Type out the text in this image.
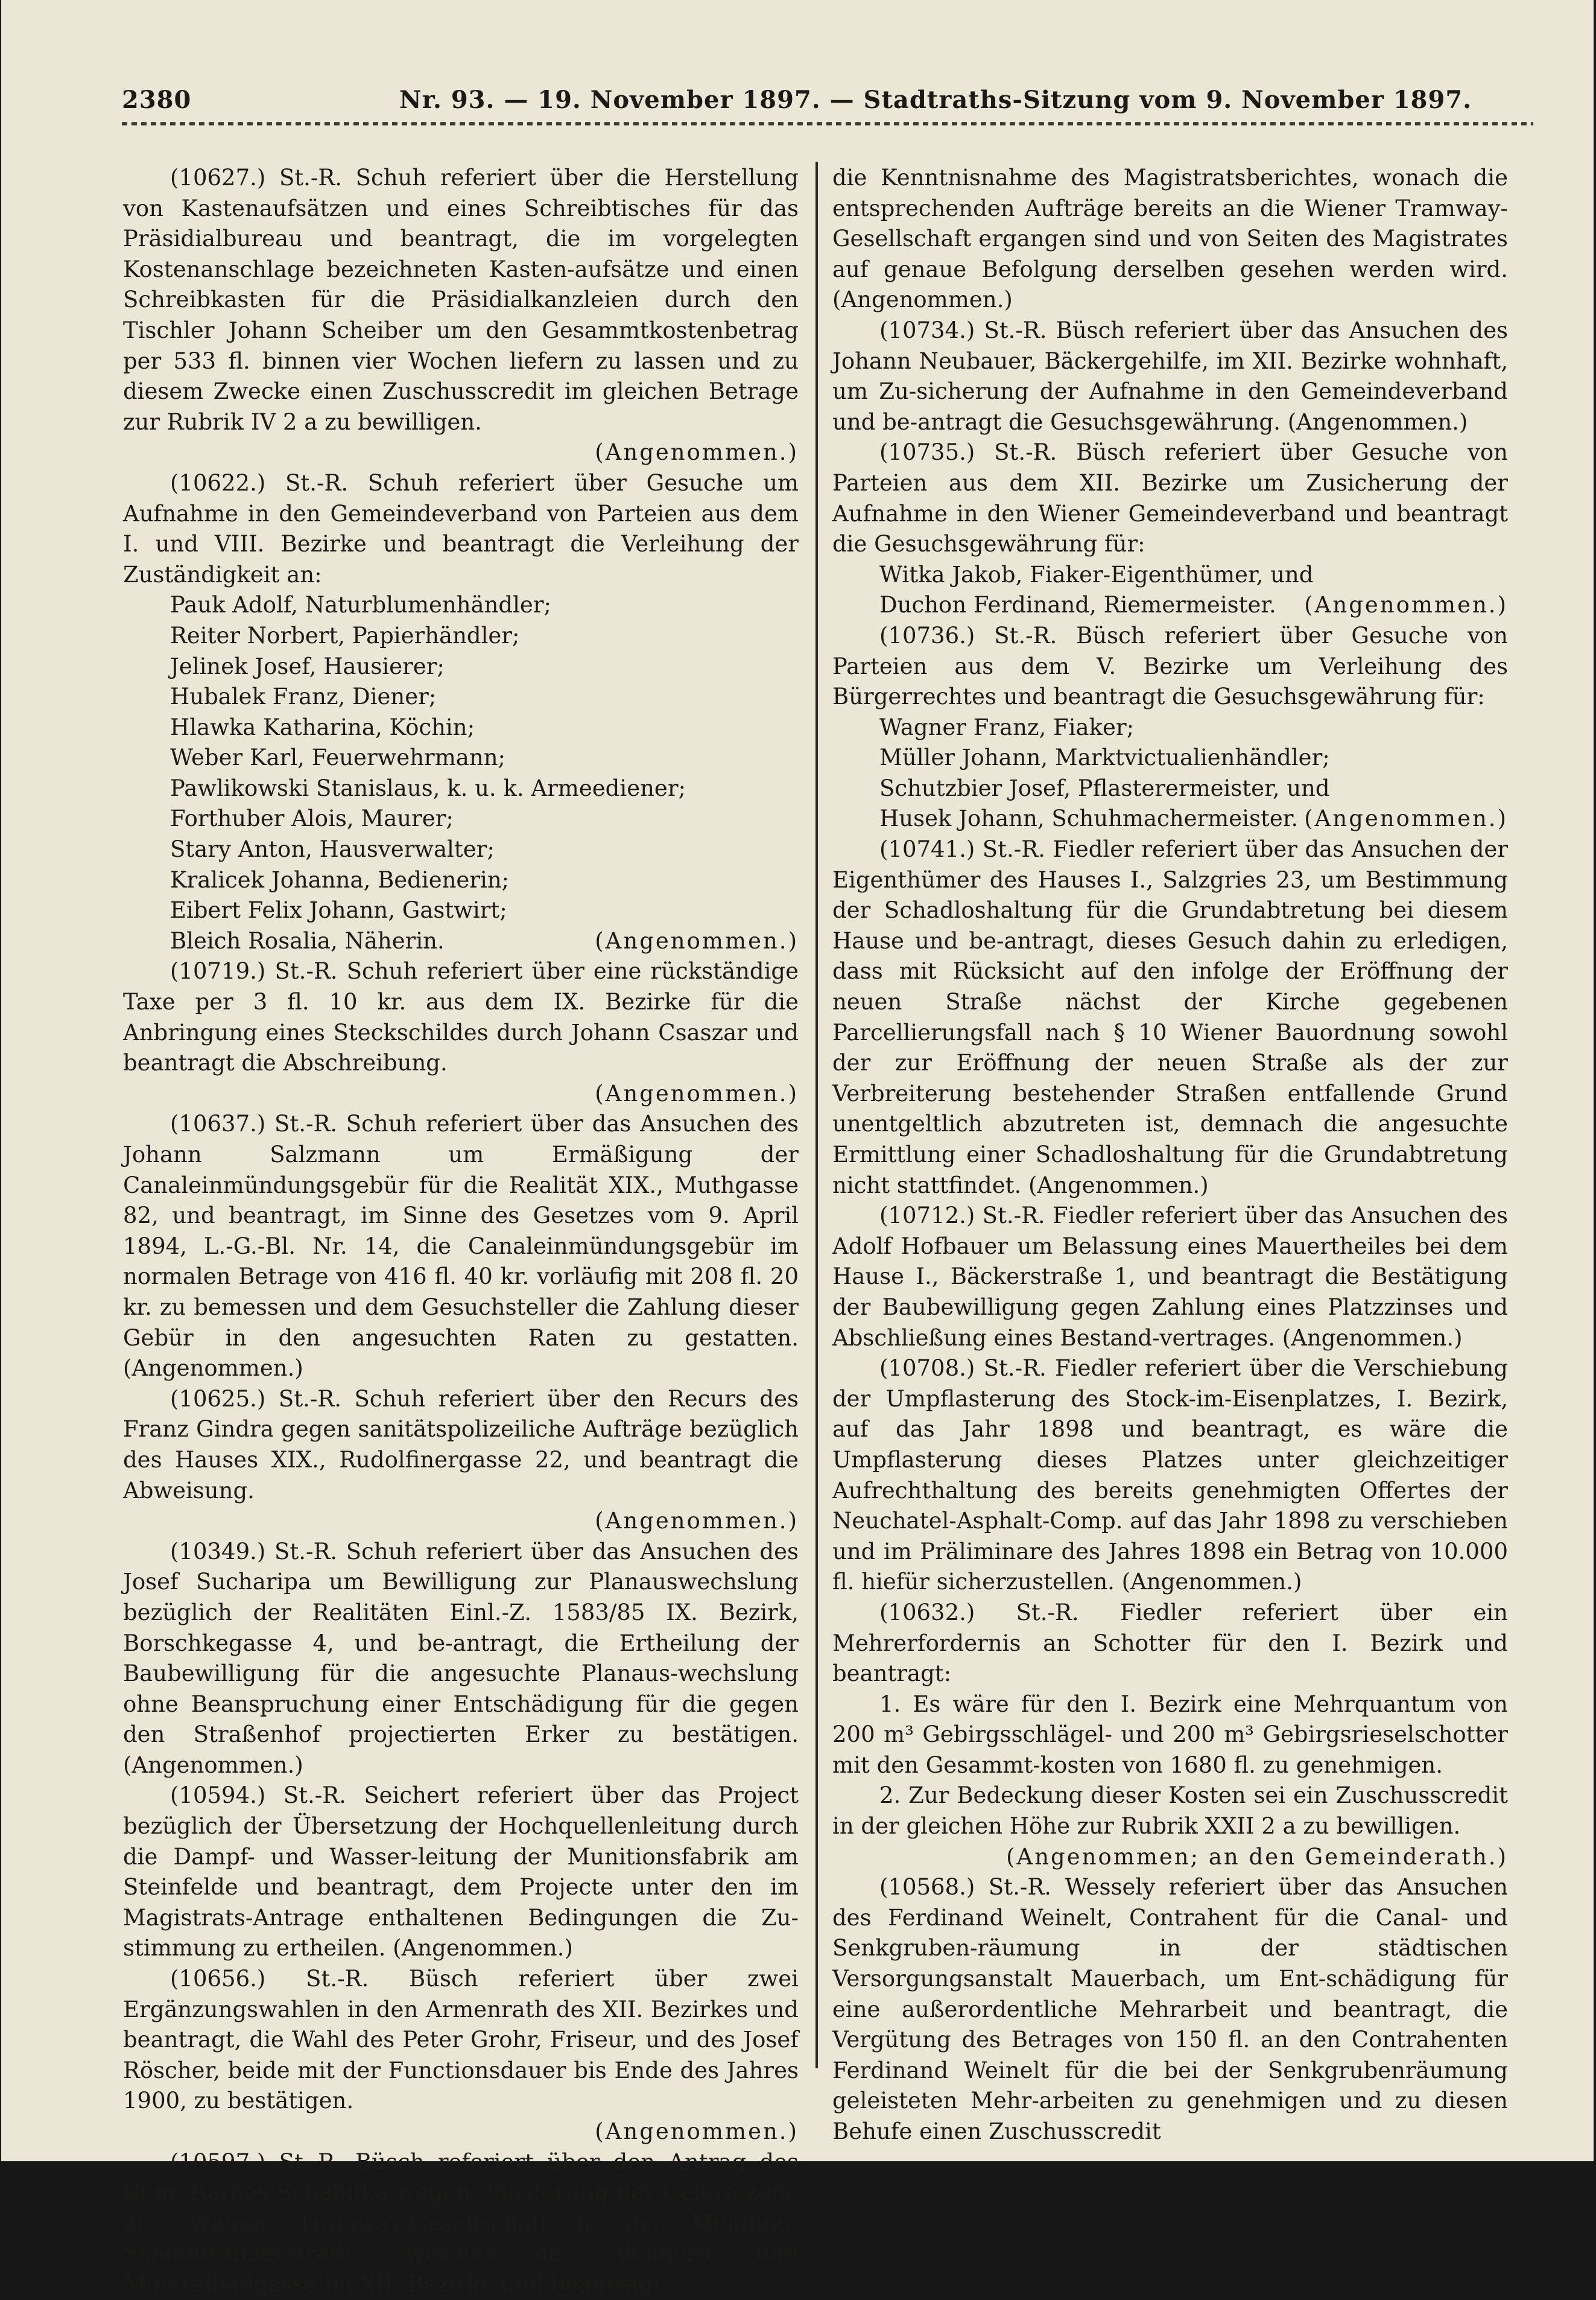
2380	Nr. 93. — 19. November 1897. — Stadtraths-Sitzung vom 9. November 1897.

(10627.) St.-R. Schuh referiert über die Herstellung von Kastenaufsätzen und eines Schreibtisches für das Präsidialbureau und beantragt, die im vorgelegten Kostenanschlage bezeichneten Kasten-aufsätze und einen Schreibkasten für die Präsidialkanzleien durch den Tischler Johann Scheiber um den Gesammtkostenbetrag per 533 fl. binnen vier Wochen liefern zu lassen und zu diesem Zwecke einen Zuschusscredit im gleichen Betrage zur Rubrik IV 2 a zu bewilligen.

(Angenommen.)

(10622.) St.-R. Schuh referiert über Gesuche um Aufnahme in den Gemeindeverband von Parteien aus dem I. und VIII. Bezirke und beantragt die Verleihung der Zuständigkeit an:

Pauk Adolf, Naturblumenhändler;
Reiter Norbert, Papierhändler;
Jelinek Josef, Hausierer;
Hubalek Franz, Diener;
Hlawka Katharina, Köchin;
Weber Karl, Feuerwehrmann;
Pawlikowski Stanislaus, k. u. k. Armeediener;
Forthuber Alois, Maurer;
Stary Anton, Hausverwalter;
Kralicek Johanna, Bedienerin;
Eibert Felix Johann, Gastwirt;
Bleich Rosalia, Näherin.	(Angenommen.)

(10719.) St.-R. Schuh referiert über eine rückständige Taxe per 3 fl. 10 kr. aus dem IX. Bezirke für die Anbringung eines Steckschildes durch Johann Csaszar und beantragt die Abschreibung.

(Angenommen.)

(10637.) St.-R. Schuh referiert über das Ansuchen des Johann Salzmann um Ermäßigung der Canaleinmündungsgebür für die Realität XIX., Muthgasse 82, und beantragt, im Sinne des Gesetzes vom 9. April 1894, L.-G.-Bl. Nr. 14, die Canaleinmündungsgebür im normalen Betrage von 416 fl. 40 kr. vorläufig mit 208 fl. 20 kr. zu bemessen und dem Gesuchsteller die Zahlung dieser Gebür in den angesuchten Raten zu gestatten. (Angenommen.)

(10625.) St.-R. Schuh referiert über den Recurs des Franz Gindra gegen sanitätspolizeiliche Aufträge bezüglich des Hauses XIX., Rudolfinergasse 22, und beantragt die Abweisung.

(Angenommen.)

(10349.) St.-R. Schuh referiert über das Ansuchen des Josef Sucharipa um Bewilligung zur Planauswechslung bezüglich der Realitäten Einl.-Z. 1583/85 IX. Bezirk, Borschkegasse 4, und be-antragt, die Ertheilung der Baubewilligung für die angesuchte Planaus-wechslung ohne Beanspruchung einer Entschädigung für die gegen den Straßenhof projectierten Erker zu bestätigen. (Angenommen.)

(10594.) St.-R. Seichert referiert über das Project bezüglich der Übersetzung der Hochquellenleitung durch die Dampf- und Wasser-leitung der Munitionsfabrik am Steinfelde und beantragt, dem Projecte unter den im Magistrats-Antrage enthaltenen Bedingungen die Zu-stimmung zu ertheilen. (Angenommen.)

(10656.) St.-R. Büsch referiert über zwei Ergänzungswahlen in den Armenrath des XII. Bezirkes und beantragt, die Wahl des Peter Grohr, Friseur, und des Josef Röscher, beide mit der Functionsdauer bis Ende des Jahres 1900, zu bestätigen.

(Angenommen.)

(10597.) St.-R. Büsch referiert über den Antrag des Gem.-Rathes Schebifka wegen Pflasterung der Geleisezone der Wiener Tramway-Gesellschaft in der Meidling-Schönbrunnerstraße zwischen der Aichhorn- und Mineralbadgasse im XII. Bezirke und beantragt

die Kenntnisnahme des Magistratsberichtes, wonach die entsprechenden Aufträge bereits an die Wiener Tramway-Gesellschaft ergangen sind und von Seiten des Magistrates auf genaue Befolgung derselben gesehen werden wird. (Angenommen.)

(10734.) St.-R. Büsch referiert über das Ansuchen des Johann Neubauer, Bäckergehilfe, im XII. Bezirke wohnhaft, um Zu-sicherung der Aufnahme in den Gemeindeverband und be-antragt die Gesuchsgewährung. (Angenommen.)

(10735.) St.-R. Büsch referiert über Gesuche von Parteien aus dem XII. Bezirke um Zusicherung der Aufnahme in den Wiener Gemeindeverband und beantragt die Gesuchsgewährung für:

Witka Jakob, Fiaker-Eigenthümer, und
Duchon Ferdinand, Riemermeister. (Angenommen.)

(10736.) St.-R. Büsch referiert über Gesuche von Parteien aus dem V. Bezirke um Verleihung des Bürgerrechtes und beantragt die Gesuchsgewährung für:

Wagner Franz, Fiaker;
Müller Johann, Marktvictualienhändler;
Schutzbier Josef, Pflasterermeister, und
Husek Johann, Schuhmachermeister. (Angenommen.)

(10741.) St.-R. Fiedler referiert über das Ansuchen der Eigenthümer des Hauses I., Salzgries 23, um Bestimmung der Schadloshaltung für die Grundabtretung bei diesem Hause und be-antragt, dieses Gesuch dahin zu erledigen, dass mit Rücksicht auf den infolge der Eröffnung der neuen Straße nächst der Kirche gegebenen Parcellierungsfall nach § 10 Wiener Bauordnung sowohl der zur Eröffnung der neuen Straße als der zur Verbreiterung bestehender Straßen entfallende Grund unentgeltlich abzutreten ist, demnach die angesuchte Ermittlung einer Schadloshaltung für die Grundabtretung nicht stattfindet. (Angenommen.)

(10712.) St.-R. Fiedler referiert über das Ansuchen des Adolf Hofbauer um Belassung eines Mauertheiles bei dem Hause I., Bäckerstraße 1, und beantragt die Bestätigung der Baubewilligung gegen Zahlung eines Platzzinses und Abschließung eines Bestand-vertrages. (Angenommen.)

(10708.) St.-R. Fiedler referiert über die Verschiebung der Umpflasterung des Stock-im-Eisenplatzes, I. Bezirk, auf das Jahr 1898 und beantragt, es wäre die Umpflasterung dieses Platzes unter gleichzeitiger Aufrechthaltung des bereits genehmigten Offertes der Neuchatel-Asphalt-Comp. auf das Jahr 1898 zu verschieben und im Präliminare des Jahres 1898 ein Betrag von 10.000 fl. hiefür sicherzustellen. (Angenommen.)

(10632.) St.-R. Fiedler referiert über ein Mehrerfordernis an Schotter für den I. Bezirk und beantragt:

1. Es wäre für den I. Bezirk eine Mehrquantum von 200 m³ Gebirgsschlägel- und 200 m³ Gebirgsrieselschotter mit den Gesammt-kosten von 1680 fl. zu genehmigen.

2. Zur Bedeckung dieser Kosten sei ein Zuschusscredit in der gleichen Höhe zur Rubrik XXII 2 a zu bewilligen.

(Angenommen; an den Gemeinderath.)

(10568.) St.-R. Wessely referiert über das Ansuchen des Ferdinand Weinelt, Contrahent für die Canal- und Senkgruben-räumung in der städtischen Versorgungsanstalt Mauerbach, um Ent-schädigung für eine außerordentliche Mehrarbeit und beantragt, die Vergütung des Betrages von 150 fl. an den Contrahenten Ferdinand Weinelt für die bei der Senkgrubenräumung geleisteten Mehr-arbeiten zu genehmigen und zu diesen Behufe einen Zuschusscredit
